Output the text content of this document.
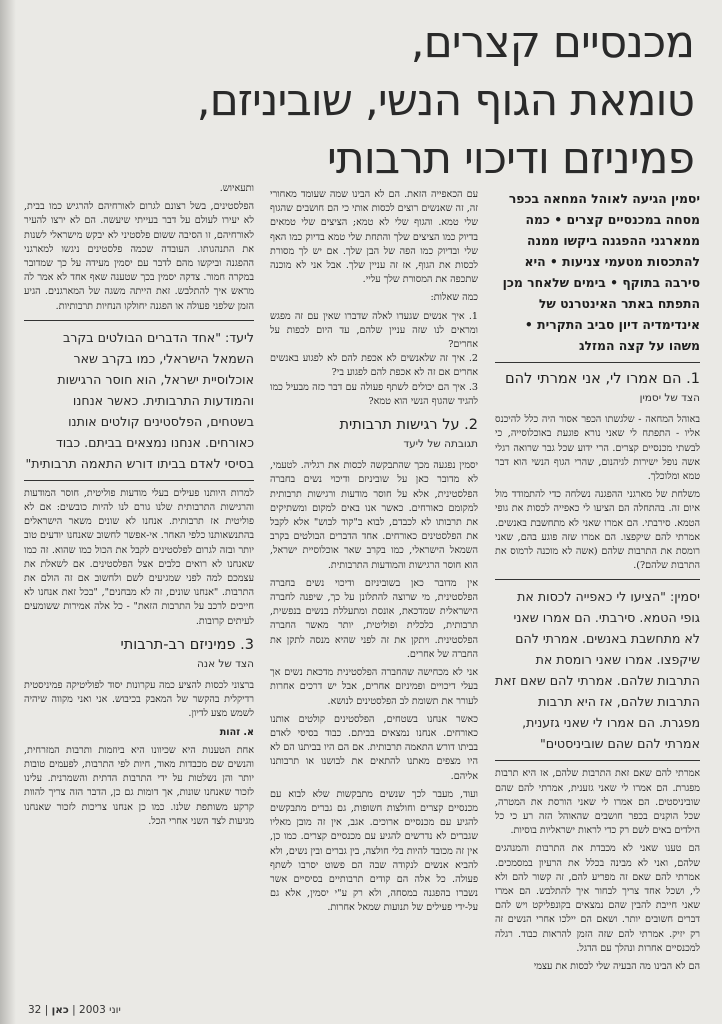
מכנסיים קצרים,
טומאת הגוף הנשי, שוביניזם,
פמיניזם ודיכוי תרבותי
יסמין הגיעה לאוהל המחאה בכפר מסחה במכנסיים קצרים • כמה ממארגני ההפגנה ביקשו ממנה להתכסות מטעמי צניעות • היא סירבה בתוקף • בימים שלאחר מכן התפתח באתר האינטרנט של אינדימדיה דיון סביב התקרית • משהו על קצה המזלג
1. הם אמרו לי, אני אמרתי להם
הצד של יסמין

באוהל המחאה - שלגשתו הכפר אסור היה כלל להיכנס אליו - התפתח לי שאני נורא פוגעת באוכלוסייה, כי לבשתי מכנסיים קצרים. הרי ידוע שכל גבר שרואה רגלי אשה נופל ישירות לגיהנום, שהרי הגוף הנשי הוא דבר טמא ומלוכלך.

משלחת של מארגני ההפגנה נשלחה כדי להתמודד מול איום זה. בהתחלה הם הציעו לי כאפייה לכסות את גופי הטמא. סירבתי. הם אמרו שאני לא מתחשבת באנשים. אמרתי להם שיקפצו. הם אמרו שזה פוגע בהם, שאני רומסת את התרבות שלהם (אשה לא מוכנה לרמוס את התרבות שלהם?).

יסמין: "הציעו לי כאפייה לכסות את גופי הטמא. סירבתי. הם אמרו שאני לא מתחשבת באנשים. אמרתי להם שיקפצו. אמרו שאני רומסת את התרבות שלהם. אמרתי להם שאם זאת התרבות שלהם, אז היא תרבות מפגרת. הם אמרו לי שאני גזענית, אמרתי להם שהם שוביניסטים"

אמרתי להם שאם זאת התרבות שלהם, אז היא תרבות מפגרת. הם אמרו לי שאני גזענית, אמרתי להם שהם שוביניסטים. הם אמרו לי שאני הורסת את המטרה, שכל הוקנים בכפר חושבים שהאוהל הזה רע כי כל הילדים באים לשם רק כדי לראות ישראליות בוסיות.

הם טענו שאני לא מכבדת את התרבות והמנהגים שלהם, ואני לא מבינה בכלל את הרעיון במסמכים. אמרתי להם שאם זה מפריע להם, זה קשור להם ולא לי, ושכל אחד צריך לבחור איך להתלבש. הם אמרו שאני חייבת להבין שהם נמצאים בקונפליקט ויש להם דברים חשובים יותר. ושאם הם יילכו אחרי הנשים זה רק יזיק. אמרתי להם שזה הזמן להראות כבוד. רגלה למכנסיים אחרות ונהלך עם הדגל.

הם לא הבינו מה הבעיה שלי לכסות את עצמי

עם הכאפייה הזאת. הם לא הבינו שמה שעומד מאחורי זה, זה שאנשים רוצים לכסות אותי כי הם חושבים שהגוף שלי טמא. והגוף שלי לא טמא; הציצים שלי טמאים בדיוק כמו הציצים שלך והתחת שלי טמא בדיוק כמו האף שלי ובדיוק כמו הפה של הבן שלך. אם יש לך מסורת לכסות את הגוף, אז זה עניין שלך. אבל אני לא מוכנה שתכפה את המסורת שלך עליי.

כמה שאלות:

1. איך אנשים שגעדו לאלה שדברו שאין עם זה מפגש ומראים לנו שזה עניין שלהם, עד היום לכפות על אחרים?
2. איך זה שלאנשים לא אכפת להם לא לפגוע באנשים אחרים אם זה לא אכפת להם לפגוע בי?
3. איך הם יכולים לשתף פעולה עם דבר כזה מבעיל כמו להגיד שהגוף הנשי הוא טמא?

2. על רגישות תרבותית
תגובתה של ליעד

יסמין נפגעה מכך שהתבקשה לכסות את רגליה. לטעמי, לא מדובר כאן על שוביניזם ודיכוי נשים בחברה הפלסטינית, אלא על חוסר מודעות ורגישות תרבותית למקומם כאורחים. כאשר אנו באים למקום ומשתיקים את תרבותו לא לכבדם, לבוא ב"קוד לבוש" אלא לקבל את הפלסטינים כאורחים. אחד הדברים הבולטים בקרב השמאל הישראלי, כמו בקרב שאר אוכלוסיית ישראל, הוא חוסר הרגישות והמודעות התרבותית.

אין מדובר כאן בשוביניזם ודיכוי נשים בחברה הפלסטינית, מי שרוצה להתלונן על כך, שיפנה לחברה הישראלית שמדכאת, אונסת ומתעללת בנשים בנפשית, תרבותית, כלכלית ופוליטית, יותר מאשר החברה הפלסטינית. ויתקן את זה לפני שהיא מנסה לתקן את החברה של אחרים.

אני לא מכחישה שהחברה הפלסטינית מדכאת נשים אך בעלי דיכויים ופמיניזם אחרים, אבל יש דרכים אחרות לעורר את תשומת לב הפלסטינים לנושא.

כאשר אנחנו בשטחים, הפלסטינים קולטים אותנו כאורחים. אנחנו נמצאים בביתם. כבוד בסיסי לאדם בביתו דורש התאמה תרבותית. אם הם היו בביתנו הם לא היו מצפים מאתנו להתאים את לבושנו או תרבותנו אליהם.

ועוד, מעבר לכך שנשים מתבקשות שלא לבוא עם מכנסיים קצרים וחולצות חשופות, גם גברים מתבקשים להגיע עם מכנסיים ארוכים. אגב, אין זה מובן מאליו שגברים לא נדרשים להגיע עם מכנסיים קצרים. כמו כן, אין זה מכובד להיות בלי חולצה, בין גברים ובין נשים, ולא להביא אנשים לנקודה שבה הם פשוט יסרבו לשתף פעולה. כל אלה הם קודים תרבותיים בסיסיים אשר נשברו בהפגנה במסחה, ולא רק ע"י יסמין, אלא גם על-ידי פעילים של תנועות שמאל אחרות.

ותעאיוש.

הפלסטינים, בשל רצונם לגרום לאורחיהם להרגיש כמו בבית, לא יעירו לעולם על דבר בעייתי שיעשה. הם לא ירצו להעיר לאורחיהם, זו הסיבה ששום פלסטיני לא יבקש מישראלי לשנות את התנהגותו. העובדה שכמה פלסטינים ניגשו למארגני ההפגנה וביקשו מהם לדבר עם יסמין מעידה על כך שמדובר במקרה חמור. צדקה יסמין בכך שטענה שאף אחד לא אמר לה מראש איך להתלבש. זאת הייתה משגה של המארגנים. הגיע הזמן שלפני פעולה או הפגנה יחולקו הנחיות תרבותיות.

ליעד: "אחד הדברים הבולטים בקרב השמאל הישראלי, כמו בקרב שאר אוכלוסיית ישראל, הוא חוסר הרגישות והמודעות התרבותית. כאשר אנחנו בשטחים, הפלסטינים קולטים אותנו כאורחים. אנחנו נמצאים בביתם. כבוד בסיסי לאדם בביתו דורש התאמה תרבותית"

למרות היותנו פעילים בעלי מודעות פוליטית, חוסר המודעות והרגישות התרבותית שלנו גורם לנו להיות כובשים: אם לא פוליטית אז תרבותית. אנחנו לא שונים משאר הישראלים בהתנשאותנו כלפי האחר. אי-אפשר לחשוב שאנחנו יודעים טוב יותר ובזה לגרום לפלסטינים לקבל את הכול כמו שהוא. זה כמו שאנחנו לא רואים כלבים אצל הפלסטינים. אם לשאלת את עצמכם למה לפני שמגיעים לשם ולחשוב אם זה הולם את התרבות. "אנחנו שונים, זה לא מבחנים", "בכל זאת אנחנו לא חייבים לרכב על התרבות הזאת" - כל אלה אמירות ששומעים לעיתים קרובות.

3. פמיניזם רב-תרבותי
הצד של אנה

ברצוני לכסות להציע כמה עקרונות יסוד לפוליטיקה פמיניסטית רדיקלית בהקשר של המאבק בכיבוש. אני ואני מקווה שיהיה לשמש מצע לדיון.

א. זהות

אחת הטענות היא שכיוונו היא ביוזמות ותרבות המזרחית, והנשים שם מכבדות מאוד, חיות לפי התרבות, לפעמים טובות יותר והן נשלטות על ידי התרבות הדתית והשמרנית. עלינו לזכור שאנחנו שונות, אך דומות גם כן, הדבר הזה צריך להוות קרקע משותפת שלנו. כמו כן אנחנו צריכות לזכור שאנחנו מגיעות לצד השני אחרי הכל.

יוני 2003 | כאן | 32
